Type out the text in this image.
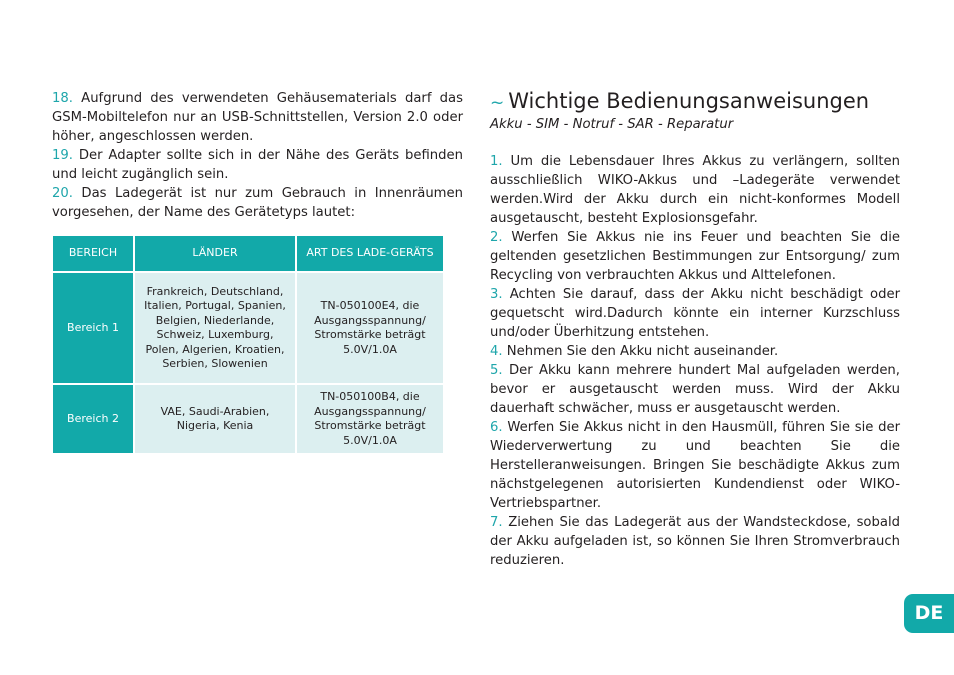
18. Aufgrund des verwendeten Gehäusematerials darf das GSM-Mobiltelefon nur an USB-Schnittstellen, Version 2.0 oder höher, angeschlossen werden.

19. Der Adapter sollte sich in der Nähe des Geräts befinden und leicht zugänglich sein.

20. Das Ladegerät ist nur zum Gebrauch in Innenräumen vorgesehen, der Name des Gerätetyps lautet:

BEREICH	LÄNDER	ART DES LADE-GERÄTS
Bereich 1	Frankreich, Deutschland, Italien, Portugal, Spanien, Belgien, Niederlande, Schweiz, Luxemburg, Polen, Algerien, Kroatien, Serbien, Slowenien	TN-050100E4, die Ausgangsspannung/ Stromstärke beträgt 5.0V/1.0A
Bereich 2	VAE, Saudi-Arabien, Nigeria, Kenia	TN-050100B4, die Ausgangsspannung/ Stromstärke beträgt 5.0V/1.0A
~ Wichtige Bedienungsanweisungen

Akku - SIM - Notruf - SAR - Reparatur

1. Um die Lebensdauer Ihres Akkus zu verlängern, sollten ausschließlich WIKO-Akkus und –Ladegeräte verwendet werden.Wird der Akku durch ein nicht-konformes Modell ausgetauscht, besteht Explosionsgefahr.

2. Werfen Sie Akkus nie ins Feuer und beachten Sie die geltenden gesetzlichen Bestimmungen zur Entsorgung/ zum Recycling von verbrauchten Akkus und Alttelefonen.

3. Achten Sie darauf, dass der Akku nicht beschädigt oder gequetscht wird.Dadurch könnte ein interner Kurzschluss und/oder Überhitzung entstehen.

4. Nehmen Sie den Akku nicht auseinander.

5. Der Akku kann mehrere hundert Mal aufgeladen werden, bevor er ausgetauscht werden muss. Wird der Akku dauerhaft schwächer, muss er ausgetauscht werden.

6. Werfen Sie Akkus nicht in den Hausmüll, führen Sie sie der Wiederverwertung zu und beachten Sie die Herstelleranweisungen. Bringen Sie beschädigte Akkus zum nächstgelegenen autorisierten Kundendienst oder WIKO-Vertriebspartner.

7. Ziehen Sie das Ladegerät aus der Wandsteckdose, sobald der Akku aufgeladen ist, so können Sie Ihren Stromverbrauch reduzieren.

DE
